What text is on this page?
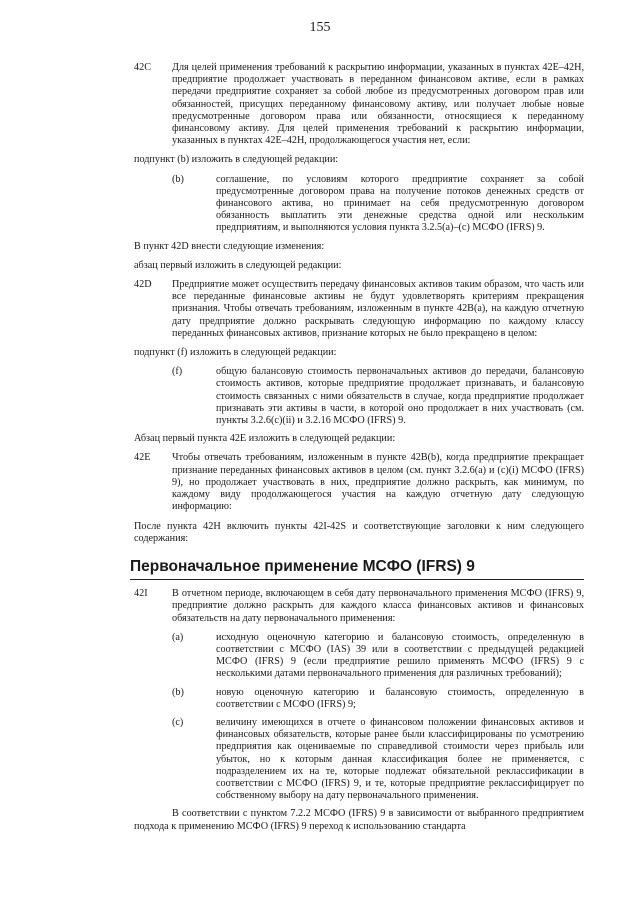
155
42C	Для целей применения требований к раскрытию информации, указанных в пунктах 42E–42H, предприятие продолжает участвовать в переданном финансовом активе, если в рамках передачи предприятие сохраняет за собой любое из предусмотренных договором прав или обязанностей, присущих переданному финансовому активу, или получает любые новые предусмотренные договором права или обязанности, относящиеся к переданному финансовому активу. Для целей применения требований к раскрытию информации, указанных в пунктах 42E–42H, продолжающегося участия нет, если:
подпункт (b) изложить в следующей редакции:
(b)	соглашение, по условиям которого предприятие сохраняет за собой предусмотренные договором права на получение потоков денежных средств от финансового актива, но принимает на себя предусмотренную договором обязанность выплатить эти денежные средства одной или нескольким предприятиям, и выполняются условия пункта 3.2.5(a)–(c) МСФО (IFRS) 9.
В пункт 42D внести следующие изменения:
абзац первый изложить в следующей редакции:
42D	Предприятие может осуществить передачу финансовых активов таким образом, что часть или все переданные финансовые активы не будут удовлетворять критериям прекращения признания. Чтобы отвечать требованиям, изложенным в пункте 42B(a), на каждую отчетную дату предприятие должно раскрывать следующую информацию по каждому классу переданных финансовых активов, признание которых не было прекращено в целом:
подпункт (f) изложить в следующей редакции:
(f)	общую балансовую стоимость первоначальных активов до передачи, балансовую стоимость активов, которые предприятие продолжает признавать, и балансовую стоимость связанных с ними обязательств в случае, когда предприятие продолжает признавать эти активы в части, в которой оно продолжает в них участвовать (см. пункты 3.2.6(c)(ii) и 3.2.16 МСФО (IFRS) 9.
Абзац первый пункта 42E изложить в следующей редакции:
42E	Чтобы отвечать требованиям, изложенным в пункте 42B(b), когда предприятие прекращает признание переданных финансовых активов в целом (см. пункт 3.2.6(a) и (c)(i) МСФО (IFRS) 9), но продолжает участвовать в них, предприятие должно раскрыть, как минимум, по каждому виду продолжающегося участия на каждую отчетную дату следующую информацию:
После пункта 42H включить пункты 42I-42S и соответствующие заголовки к ним следующего содержания:
Первоначальное применение МСФО (IFRS) 9
42I	В отчетном периоде, включающем в себя дату первоначального применения МСФО (IFRS) 9, предприятие должно раскрыть для каждого класса финансовых активов и финансовых обязательств на дату первоначального применения:
(a)	исходную оценочную категорию и балансовую стоимость, определенную в соответствии с МСФО (IAS) 39 или в соответствии с предыдущей редакцией МСФО (IFRS) 9 (если предприятие решило применять МСФО (IFRS) 9 с несколькими датами первоначального применения для различных требований);
(b)	новую оценочную категорию и балансовую стоимость, определенную в соответствии с МСФО (IFRS) 9;
(c)	величину имеющихся в отчете о финансовом положении финансовых активов и финансовых обязательств, которые ранее были классифицированы по усмотрению предприятия как оцениваемые по справедливой стоимости через прибыль или убыток, но к которым данная классификация более не применяется, с подразделением их на те, которые подлежат обязательной реклассификации в соответствии с МСФО (IFRS) 9, и те, которые предприятие реклассифицирует по собственному выбору на дату первоначального применения.
В соответствии с пунктом 7.2.2 МСФО (IFRS) 9 в зависимости от выбранного предприятием подхода к применению МСФО (IFRS) 9 переход к использованию стандарта
